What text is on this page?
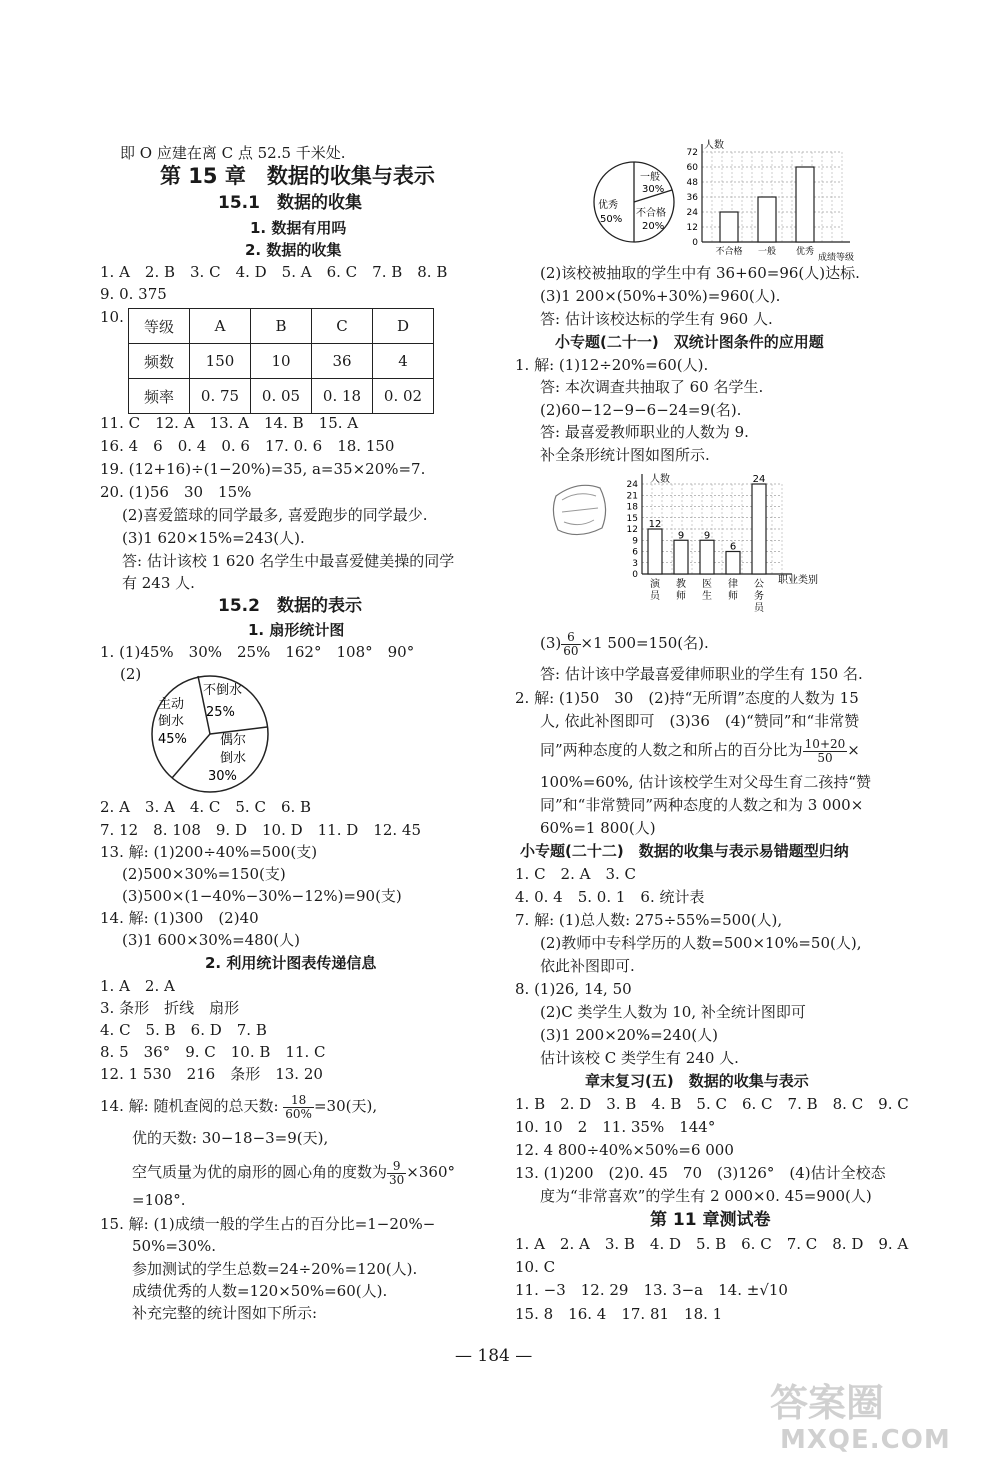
即 O 应建在离 C 点 52.5 千米处.
第 15 章　数据的收集与表示
15.1　数据的收集
1. 数据有用吗
2. 数据的收集
1. A　2. B　3. C　4. D　5. A　6. C　7. B　8. B
9. 0. 375
10.
等级	A	B	C	D
频数	150	10	36	4
频率	0. 75	0. 05	0. 18	0. 02
11. C　12. A　13. A　14. B　15. A
16. 4　6　0. 4　0. 6　17. 0. 6　18. 150
19. (12+16)÷(1−20%)=35, a=35×20%=7.
20. (1)56　30　15%
(2)喜爱篮球的同学最多, 喜爱跑步的同学最少.
(3)1 620×15%=243(人).
答: 估计该校 1 620 名学生中最喜爱健美操的同学
有 243 人.
15.2　数据的表示
1. 扇形统计图
1. (1)45%　30%　25%　162°　108°　90°
(2)
主动
倒水
45%
不倒水
25%
偶尔
倒水
30%
2. A　3. A　4. C　5. C　6. B
7. 12　8. 108　9. D　10. D　11. D　12. 45
13. 解: (1)200÷40%=500(支)
(2)500×30%=150(支)
(3)500×(1−40%−30%−12%)=90(支)
14. 解: (1)300　(2)40
(3)1 600×30%=480(人)
2. 利用统计图表传递信息
1. A　2. A
3. 条形　折线　扇形
4. C　5. B　6. D　7. B
8. 5　36°　9. C　10. B　11. C
12. 1 530　216　条形　13. 20
14. 解: 随机查阅的总天数: $\frac{18}{60\%} =30$(天),
优的天数: 30−18−3=9(天),
空气质量为优的扇形的圆心角的度数为 $\frac{9}{30} \times 360^\circ$
=108°.
15. 解: (1)成绩一般的学生占的百分比=1−20%−
50%=30%.
参加测试的学生总数=24÷20%=120(人).
成绩优秀的人数=120×50%=60(人).
补充完整的统计图如下所示:
一般
30%
优秀
50%
不合格
20%
人数
成绩等级
0
12
24
36
48
60
72
不合格 一般 优秀
(2)该校被抽取的学生中有 36+60=96(人)达标.
(3)1 200×(50%+30%)=960(人).
答: 估计该校达标的学生有 960 人.
小专题(二十一)　双统计图条件的应用题
1. 解: (1)12÷20%=60(人).
答: 本次调查共抽取了 60 名学生.
(2)60−12−9−6−24=9(名).
答: 最喜爱教师职业的人数为 9.
补全条形统计图如图所示.
人数
职业类别
0
3
6
9
12
15
18
21
24
12
演
员
9
教
师
9
医
生
6
律
师
24
公
务
员
$(3) \frac{6}{60} \times 1$ 500=150(名).
答: 估计该中学最喜爱律师职业的学生有 150 名.
2. 解: (1)50　30　(2)持“无所谓”态度的人数为 15
人, 依此补图即可　(3)36　(4)“赞同”和“非常赞
同”两种态度的人数之和所占的百分比为 $\frac{10+20}{50}$ ×
100%=60%, 估计该校学生对父母生育二孩持“赞
同”和“非常赞同”两种态度的人数之和为 3 000×
60%=1 800(人)
小专题(二十二)　数据的收集与表示易错题型归纳
1. C　2. A　3. C
4. 0. 4　5. 0. 1　6. 统计表
7. 解: (1)总人数: 275÷55%=500(人),
(2)教师中专科学历的人数=500×10%=50(人),
依此补图即可.
8. (1)26, 14, 50
(2)C 类学生人数为 10, 补全统计图即可
(3)1 200×20%=240(人)
估计该校 C 类学生有 240 人.
章末复习(五)　数据的收集与表示
1. B　2. D　3. B　4. B　5. C　6. C　7. B　8. C　9. C
10. 10　2　11. 35%　144°
12. 4 800÷40%×50%=6 000
13. (1)200　(2)0. 45　70　(3)126°　(4)估计全校态
度为“非常喜欢”的学生有 2 000×0. 45=900(人)
第 11 章测试卷
1. A　2. A　3. B　4. D　5. B　6. C　7. C　8. D　9. A
10. C
11. −3　12. 29　13. 3−a　14. ±√10
15. 8　16. 4　17. 81　18. 1
— 184 —
答案圈
MXQE.COM
